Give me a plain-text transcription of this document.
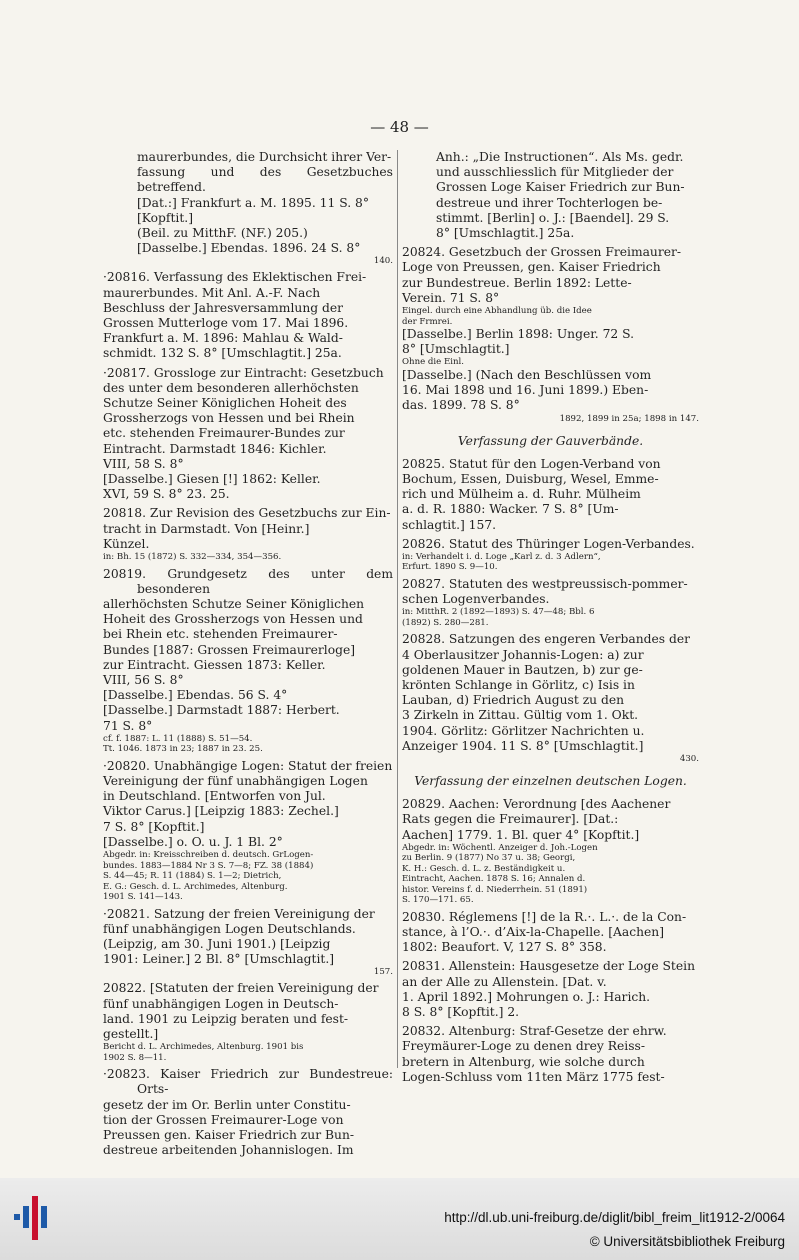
— 48 —
maurerbundes, die Durchsicht ihrer Ver-
fassung und des Gesetzbuches betreffend.
[Dat.:] Frankfurt a. M. 1895. 11 S. 8°
[Kopftit.]
(Beil. zu MitthF. (NF.) 205.)
[Dasselbe.] Ebendas. 1896. 24 S. 8°
140.
·20816. Verfassung des Eklektischen Frei-
maurerbundes. Mit Anl. A.-F. Nach
Beschluss der Jahresversammlung der
Grossen Mutterloge vom 17. Mai 1896.
Frankfurt a. M. 1896: Mahlau & Wald-
schmidt. 132 S. 8° [Umschlagtit.] 25a.
·20817. Grossloge zur Eintracht: Gesetzbuch
des unter dem besonderen allerhöchsten
Schutze Seiner Königlichen Hoheit des
Grossherzogs von Hessen und bei Rhein
etc. stehenden Freimaurer-Bundes zur
Eintracht. Darmstadt 1846: Kichler.
VIII, 58 S. 8°
[Dasselbe.] Giesen [!] 1862: Keller.
XVI, 59 S. 8° 23. 25.
20818. Zur Revision des Gesetzbuchs zur Ein-
tracht in Darmstadt. Von [Heinr.]
Künzel.
in: Bh. 15 (1872) S. 332—334, 354—356.
20819. Grundgesetz des unter dem besonderen
allerhöchsten Schutze Seiner Königlichen
Hoheit des Grossherzogs von Hessen und
bei Rhein etc. stehenden Freimaurer-
Bundes [1887: Grossen Freimaurerloge]
zur Eintracht. Giessen 1873: Keller.
VIII, 56 S. 8°
[Dasselbe.] Ebendas. 56 S. 4°
[Dasselbe.] Darmstadt 1887: Herbert.
71 S. 8°
cf. f. 1887: L. 11 (1888) S. 51—54.
Tt. 1046. 1873 in 23; 1887 in 23. 25.
·20820. Unabhängige Logen: Statut der freien
Vereinigung der fünf unabhängigen Logen
in Deutschland. [Entworfen von Jul.
Viktor Carus.] [Leipzig 1883: Zechel.]
7 S. 8° [Kopftit.]
[Dasselbe.] o. O. u. J. 1 Bl. 2°
Abgedr. in: Kreisschreiben d. deutsch. GrLogen-
bundes. 1883—1884 Nr 3 S. 7—8; FZ. 38 (1884)
S. 44—45; R. 11 (1884) S. 1—2; Dietrich,
E. G.: Gesch. d. L. Archimedes, Altenburg.
1901 S. 141—143.
·20821. Satzung der freien Vereinigung der
fünf unabhängigen Logen Deutschlands.
(Leipzig, am 30. Juni 1901.) [Leipzig
1901: Leiner.] 2 Bl. 8° [Umschlagtit.]
157.
20822. [Statuten der freien Vereinigung der
fünf unabhängigen Logen in Deutsch-
land. 1901 zu Leipzig beraten und fest-
gestellt.]
Bericht d. L. Archimedes, Altenburg. 1901 bis
1902 S. 8—11.
·20823. Kaiser Friedrich zur Bundestreue: Orts-
gesetz der im Or. Berlin unter Constitu-
tion der Grossen Freimaurer-Loge von
Preussen gen. Kaiser Friedrich zur Bun-
destreue arbeitenden Johannislogen. Im
Anh.: „Die Instructionen“. Als Ms. gedr.
und ausschliesslich für Mitglieder der
Grossen Loge Kaiser Friedrich zur Bun-
destreue und ihrer Tochterlogen be-
stimmt. [Berlin] o. J.: [Baendel]. 29 S.
8° [Umschlagtit.] 25a.
20824. Gesetzbuch der Grossen Freimaurer-
Loge von Preussen, gen. Kaiser Friedrich
zur Bundestreue. Berlin 1892: Lette-
Verein. 71 S. 8°
Eingel. durch eine Abhandlung üb. die Idee
der Frmrei.
[Dasselbe.] Berlin 1898: Unger. 72 S.
8° [Umschlagtit.]
Ohne die Einl.
[Dasselbe.] (Nach den Beschlüssen vom
16. Mai 1898 und 16. Juni 1899.) Eben-
das. 1899. 78 S. 8°
1892, 1899 in 25a; 1898 in 147.
Verfassung der Gauverbände.
20825. Statut für den Logen-Verband von
Bochum, Essen, Duisburg, Wesel, Emme-
rich und Mülheim a. d. Ruhr. Mülheim
a. d. R. 1880: Wacker. 7 S. 8° [Um-
schlagtit.] 157.
20826. Statut des Thüringer Logen-Verbandes.
in: Verhandelt i. d. Loge „Karl z. d. 3 Adlern“,
Erfurt. 1890 S. 9—10.
20827. Statuten des westpreussisch-pommer-
schen Logenverbandes.
in: MitthR. 2 (1892—1893) S. 47—48; Bbl. 6
(1892) S. 280—281.
20828. Satzungen des engeren Verbandes der
4 Oberlausitzer Johannis-Logen: a) zur
goldenen Mauer in Bautzen, b) zur ge-
krönten Schlange in Görlitz, c) Isis in
Lauban, d) Friedrich August zu den
3 Zirkeln in Zittau. Gültig vom 1. Okt.
1904. Görlitz: Görlitzer Nachrichten u.
Anzeiger 1904. 11 S. 8° [Umschlagtit.]
430.
Verfassung der einzelnen deutschen Logen.
20829. Aachen: Verordnung [des Aachener
Rats gegen die Freimaurer]. [Dat.:
Aachen] 1779. 1. Bl. quer 4° [Kopftit.]
Abgedr. in: Wöchentl. Anzeiger d. Joh.-Logen
zu Berlin. 9 (1877) No 37 u. 38; Georgi,
K. H.: Gesch. d. L. z. Beständigkeit u.
Eintracht, Aachen. 1878 S. 16; Annalen d.
histor. Vereins f. d. Niederrhein. 51 (1891)
S. 170—171. 65.
20830. Réglemens [!] de la R.·. L.·. de la Con-
stance, à l’O.·. d’Aix-la-Chapelle. [Aachen]
1802: Beaufort. V, 127 S. 8° 358.
20831. Allenstein: Hausgesetze der Loge Stein
an der Alle zu Allenstein. [Dat. v.
1. April 1892.] Mohrungen o. J.: Harich.
8 S. 8° [Kopftit.] 2.
20832. Altenburg: Straf-Gesetze der ehrw.
Freymäurer-Loge zu denen drey Reiss-
bretern in Altenburg, wie solche durch
Logen-Schluss vom 11ten März 1775 fest-
http://dl.ub.uni-freiburg.de/diglit/bibl_freim_lit1912-2/0064
© Universitätsbibliothek Freiburg
